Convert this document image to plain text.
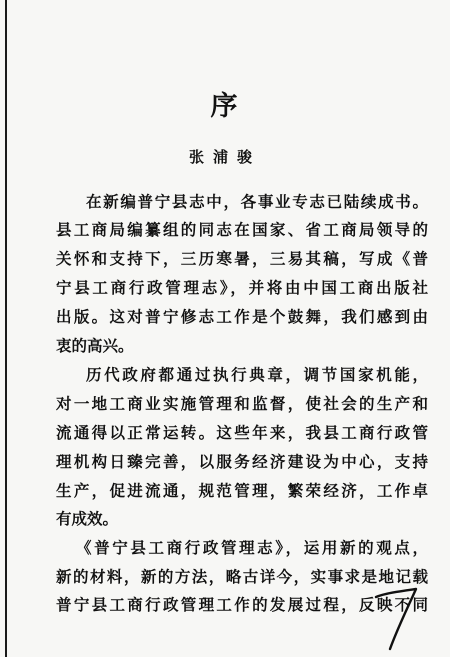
序

张浦骏

在新编普宁县志中，各事业专志已陆续成书。
县工商局编纂组的同志在国家、省工商局领导的
关怀和支持下，三历寒暑，三易其稿，写成《普
宁县工商行政管理志》，并将由中国工商出版社
出版。这对普宁修志工作是个鼓舞，我们感到由
衷的高兴。
历代政府都通过执行典章，调节国家机能，
对一地工商业实施管理和监督，使社会的生产和
流通得以正常运转。这些年来，我县工商行政管
理机构日臻完善，以服务经济建设为中心，支持
生产，促进流通，规范管理，繁荣经济，工作卓
有成效。
《普宁县工商行政管理志》，运用新的观点，
新的材料，新的方法，略古详今，实事求是地记载
普宁县工商行政管理工作的发展过程，反映不同
